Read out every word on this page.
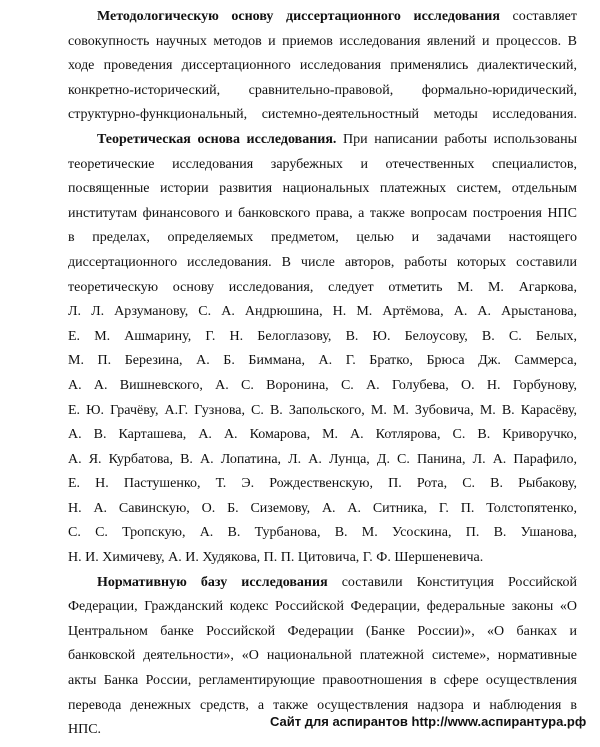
Методологическую основу диссертационного исследования составляет
совокупность научных методов и приемов исследования явлений и процессов. В
ходе проведения диссертационного исследования применялись диалектический,
конкретно-исторический, сравнительно-правовой, формально-юридический,
структурно-функциональный, системно-деятельностный методы исследования.
Теоретическая основа исследования. При написании работы использованы
теоретические исследования зарубежных и отечественных специалистов,
посвященные истории развития национальных платежных систем, отдельным
институтам финансового и банковского права, а также вопросам построения НПС
в пределах, определяемых предметом, целью и задачами настоящего
диссертационного исследования. В числе авторов, работы которых составили
теоретическую основу исследования, следует отметить М. М. Агаркова,
Л. Л. Арзуманову, С. А. Андрюшина, Н. М. Артёмова, А. А. Арыстанова,
Е. М. Ашмарину, Г. Н. Белоглазову, В. Ю. Белоусову, В. С. Белых,
М. П. Березина, А. Б. Биммана, А. Г. Братко, Брюса Дж. Саммерса,
А. А. Вишневского, А. С. Воронина, С. А. Голубева, О. Н. Горбунову,
Е. Ю. Грачёву, А.Г. Гузнова, С. В. Запольского, М. М. Зубовича, М. В. Карасёву,
А. В. Карташева, А. А. Комарова, М. А. Котлярова, С. В. Криворучко,
А. Я. Курбатова, В. А. Лопатина, Л. А. Лунца, Д. С. Панина, Л. А. Парафило,
Е. Н. Пастушенко, Т. Э. Рождественскую, П. Рота, С. В. Рыбакову,
Н. А. Савинскую, О. Б. Сиземову, А. А. Ситника, Г. П. Толстопятенко,
С. С. Тропскую, А. В. Турбанова, В. М. Усоскина, П. В. Ушанова,
Н. И. Химичеву, А. И. Худякова, П. П. Цитовича, Г. Ф. Шершеневича.
Нормативную базу исследования составили Конституция Российской
Федерации, Гражданский кодекс Российской Федерации, федеральные законы «О
Центральном банке Российской Федерации (Банке России)», «О банках и
банковской деятельности», «О национальной платежной системе», нормативные
акты Банка России, регламентирующие правоотношения в сфере осуществления
перевода денежных средств, а также осуществления надзора и наблюдения в
НПС.
Сайт для аспирантов http://www.аспирантура.рф
